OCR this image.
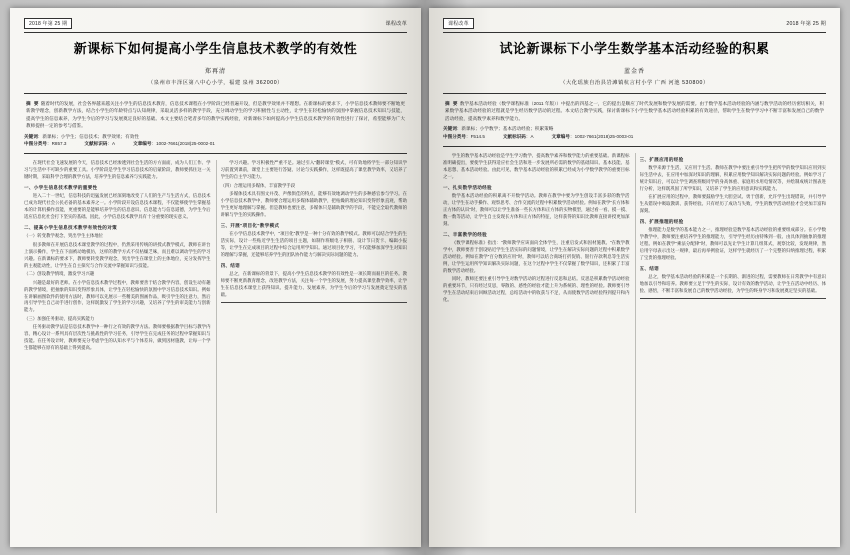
2018 年第 25 期	课程改革
新课标下如何提高小学生信息技术教学的有效性
郑再清
（泉州市丰泽区第八中心小学，福建 泉州 362000）
摘 要 随着时代的发展，社会各界越来越关注小学生的信息技术教育，信息技术课程在小学阶段已经普遍开设，但是教学效果并不理想。在新课标的要求下，小学信息技术教师要不断地更新教学理念，创新教学方法，结合小学生的年龄特点与认知规律，采取灵活多样的教学手段，充分调动学生的学习积极性与主动性，让学生在轻松愉快的氛围中掌握信息技术知识与技能，提高学生的信息素养，为学生今后的学习与发展奠定良好的基础。本文主要结合笔者多年的教学实践经验，对新课标下如何提高小学生信息技术教学的有效性进行了探讨，希望能够为广大教师提供一定的参考与借鉴。
关键词：新课标；小学生；信息技术；教学效果；有效性
中图分类号：R857.3	文献标识码：A	文章编号：1002-7661(2018)25-0002-01

在现代社会飞速发展的今天，信息技术已经渗透到社会生活的方方面面，成为人们工作、学习与生活中不可缺少的重要工具。小学阶段是学生学习信息技术的启蒙阶段，教师要抓住这一关键时期，采取科学合理的教学方法，培养学生的信息素养与实践能力。

一、小学生信息技术教学的重要性

进入二十一世纪，信息科技的迅猛发展已经深刻地改变了人们的生产与生活方式，信息技术已成为现代社会公民必备的基本素养之一。小学阶段开设信息技术课程，不仅能够使学生掌握基本的计算机操作技能，更重要的是能够培养学生的信息意识、信息能力与信息道德，为学生今后适应信息化社会打下坚实的基础。因此，小学信息技术教学具有十分重要的现实意义。

二、提高小学生信息技术教学有效性的对策

（一）转变教学观念，突出学生主体地位

很多教师在开展信息技术课堂教学的过程中，仍然采用传统的讲授式教学模式，教师在讲台上演示操作，学生在下面被动地模仿，这样的教学方式不仅枯燥乏味，而且难以调动学生的学习兴趣。在新课标的要求下，教师要转变教学观念，突出学生在课堂上的主体地位，充分发挥学生的主观能动性，让学生在自主探究与合作交流中掌握知识与技能。

（二）创设教学情境，激发学习兴趣

兴趣是最好的老师。在小学信息技术教学过程中，教师要善于结合教学内容，创设生动有趣的教学情境，把抽象的知识变得形象具体，让学生在轻松愉快的氛围中学习信息技术知识。例如在讲解画图软件的使用方法时，教师可以先展示一些精美的图画作品，吸引学生的注意力，然后再引导学生自己动手进行创作，这样既激发了学生的学习兴趣，又培养了学生的审美能力与创新能力。

（三）加强任务驱动，提高实践能力

任务驱动教学法是信息技术教学中一种行之有效的教学方法。教师要根据教学目标与教学内容，精心设计一系列具有层次性与挑战性的学习任务，引导学生在完成任务的过程中掌握知识与技能。在任务设计时，教师要充分考虑学生的认知水平与个体差异，做到因材施教，让每一个学生都能够在原有的基础上得到提高。

学习兴趣。学习积极性严重不足。通过引入"翻转课堂"模式，可有效地将学生一部分知识学习前置到课前，课堂上主要进行答疑、讨论与实践操作，这样既提高了课堂教学效率，又培养了学生的自主学习能力。

（四）合理运用多媒体，丰富教学手段

多媒体技术具有图文并茂、声像俱佳的特点，能够有效地调动学生的多种感官参与学习。在小学信息技术教学中，教师要合理运用多媒体辅助教学，把枯燥的理论知识变得形象直观，帮助学生更好地理解与掌握。但是教师也要注意，多媒体只是辅助教学的手段，不能完全取代教师的讲解与学生的实践操作。

三、开展"项目化"教学模式

在小学信息技术教学中，"项目化"教学是一种十分有效的教学模式。教师可以结合学生的生活实际，设计一些贴近学生生活的项目主题，如制作班级电子相册、设计节日贺卡、编辑小报等，让学生在完成项目的过程中综合运用所学知识。通过项目化学习，不仅能够加深学生对知识的理解与掌握，还能够培养学生的团队协作能力与解决实际问题的能力。

四、结语

总之，在新课标的背景下，提高小学生信息技术教学的有效性是一项长期而艰巨的任务。教师要不断更新教育理念，改进教学方法，关注每一个学生的发展，努力提高课堂教学效率，让学生在信息技术课堂上获得知识、提升能力、发展素养，为学生今后的学习与发展奠定坚实的基础。

课程改革	2018 年第 25 期
试论新课标下小学生数学基本活动经验的积累
蓝金香
（大化瑶族自治县岩滩镇杭言村小学 广西 河池 530800）
摘 要 数学基本活动经验（数学课程标准（2011 年版））中提出的四基之一，它的提出是顺应了时代发展和数学发展的需要。由于数学基本活动经验的内涵与数学活动的经历密切相关，积累数学基本活动经验的过程就是学生经历数学活动的过程。本文结合教学实践，探讨新课标下小学生数学基本活动经验积累的有效途径，帮助学生在数学学习中不断丰富和发展自己的数学活动经验，提高数学素养和数学能力。
关键词：新课标；小学数学；基本活动经验；积累策略
中图分类号：F514.5	文献标识码：A	文章编号：1002-7661(2018)25-0003-01

学生的数学基本活动经验是学生学习数学、提高数学素养和数学能力的重要基础。新课程标准明确提出，要使学生获得适应社会生活和进一步发展所必需的数学的基础知识、基本技能、基本思想、基本活动经验。由此可见，数学基本活动经验的积累已经成为小学数学教学的重要目标之一。

一、扎实数学活动经验

数学基本活动经验的积累离不开数学活动。教师在教学中要为学生创设丰富多彩的数学活动，让学生在动手操作、观察思考、合作交流的过程中积累数学活动经验。例如在教学"长方体和正方体的认识"时，教师可以让学生准备一些长方体和正方体的实物模型，通过看一看、摸一摸、数一数等活动，让学生自主发现长方体和正方体的特征，这样获得的知识比教师直接讲授更加深刻。

二、丰富教学的经验

《数学课程标准》指出："教师教学应该面向全体学生，注重启发式和因材施教。"在数学教学中，教师要善于创设贴近学生生活实际的问题情境，让学生在解决实际问题的过程中积累数学活动经验。例如在教学"百分数的应用"时，教师可以结合商场打折促销、银行存款利息等生活实例，让学生运用所学知识解决实际问题，在这个过程中学生不仅掌握了数学知识，还积累了丰富的数学活动经验。

同时，教师还要注重引导学生对数学活动的过程进行反思和总结。反思是积累数学活动经验的重要环节，只有经过反思，零散的、感性的经验才能上升为系统的、理性的经验。教师要引导学生在活动结束后回顾活动过程，总结活动中的收获与不足，从而使数学活动经验得到提升和内化。

三、扩展应用的经验

数学来源于生活，又应用于生活。教师在教学中要注重引导学生把所学的数学知识应用到实际生活中去，在应用中加深对知识的理解，积累应用数学知识解决实际问题的经验。例如学习了统计知识后，可以让学生调查班级同学的身高体重、家庭用水用电情况等，并绘制成统计图表进行分析，这样既巩固了所学知识，又培养了学生的应用意识和实践能力。

在扩展应用的过程中，教师要鼓励学生大胆尝试、勇于创新，允许学生出现错误，并引导学生从错误中吸取教训、获得经验。只有经历了成功与失败，学生的数学活动经验才会更加丰富和深刻。

四、扩展推理的经验

推理能力是数学的基本能力之一，推理经验是数学基本活动经验的重要组成部分。在小学数学教学中，教师要注重培养学生的推理能力，引导学生经历由特殊到一般、由具体到抽象的推理过程。例如在教学"乘法分配律"时，教师可以先让学生计算几组算式，观察比较，发现规律，然后用字母表示出这一规律，最后再举例验证，这样学生就经历了一个完整的归纳推理过程，积累了宝贵的推理经验。

五、结语

总之，数学基本活动经验的积累是一个长期的、渐进的过程，需要教师在日常教学中有意识地加以引导和培养。教师要立足于学生的实际，设计有效的数学活动，让学生在活动中经历、体验、感悟，不断丰富和发展自己的数学活动经验，为学生的终身学习和发展奠定坚实的基础。
